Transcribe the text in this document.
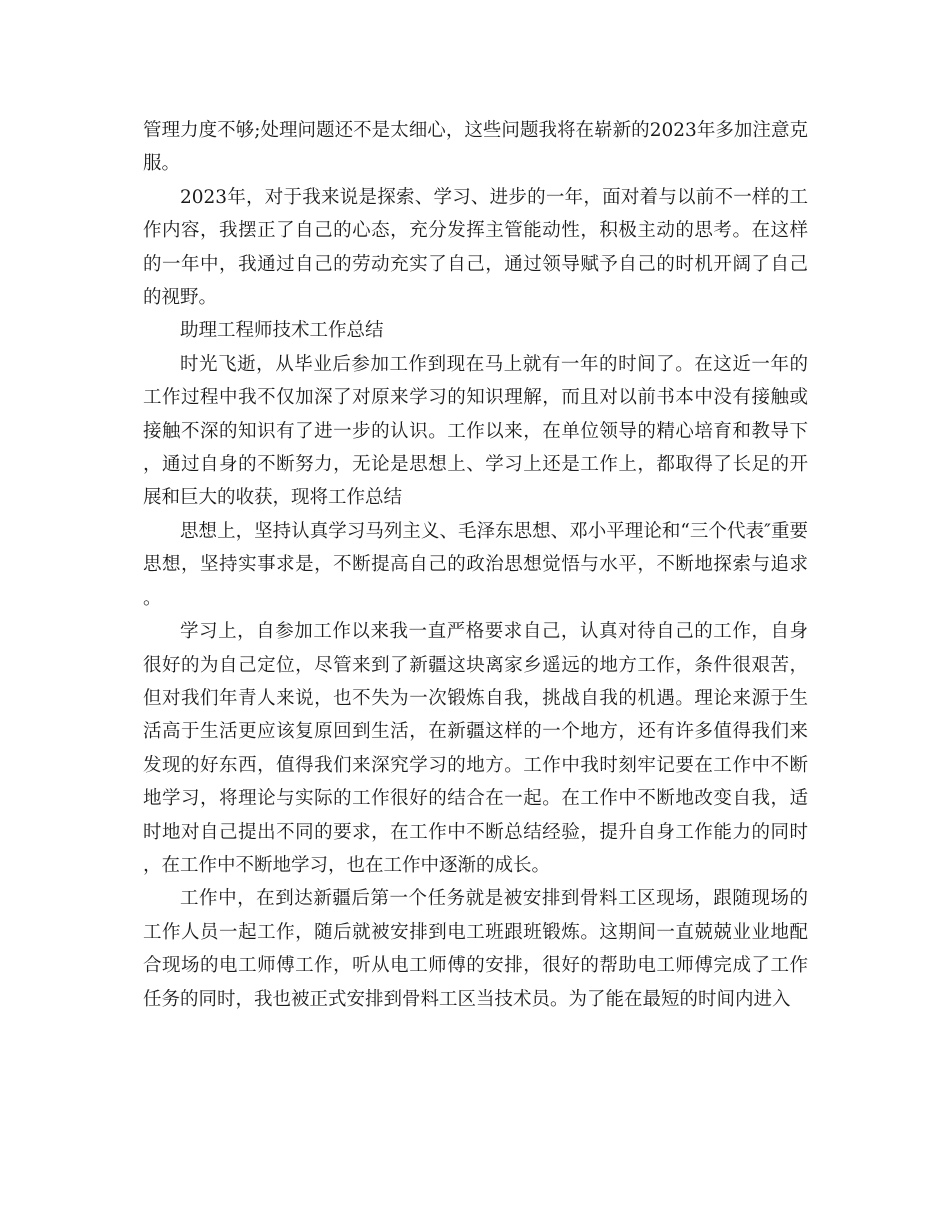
管理力度不够;处理问题还不是太细心，这些问题我将在崭新的2023年多加注意克服。

2023年，对于我来说是探索、学习、进步的一年，面对着与以前不一样的工作内容，我摆正了自己的心态，充分发挥主管能动性，积极主动的思考。在这样的一年中，我通过自己的劳动充实了自己，通过领导赋予自己的时机开阔了自己的视野。

助理工程师技术工作总结

时光飞逝，从毕业后参加工作到现在马上就有一年的时间了。在这近一年的工作过程中我不仅加深了对原来学习的知识理解，而且对以前书本中没有接触或接触不深的知识有了进一步的认识。工作以来，在单位领导的精心培育和教导下，通过自身的不断努力，无论是思想上、学习上还是工作上，都取得了长足的开展和巨大的收获，现将工作总结

思想上，坚持认真学习马列主义、毛泽东思想、邓小平理论和“三个代表″重要思想，坚持实事求是，不断提高自己的政治思想觉悟与水平，不断地探索与追求。

学习上，自参加工作以来我一直严格要求自己，认真对待自己的工作，自身很好的为自己定位，尽管来到了新疆这块离家乡遥远的地方工作，条件很艰苦，但对我们年青人来说，也不失为一次锻炼自我，挑战自我的机遇。理论来源于生活高于生活更应该复原回到生活，在新疆这样的一个地方，还有许多值得我们来发现的好东西，值得我们来深究学习的地方。工作中我时刻牢记要在工作中不断地学习，将理论与实际的工作很好的结合在一起。在工作中不断地改变自我，适时地对自己提出不同的要求，在工作中不断总结经验，提升自身工作能力的同时，在工作中不断地学习，也在工作中逐渐的成长。

工作中，在到达新疆后第一个任务就是被安排到骨料工区现场，跟随现场的工作人员一起工作，随后就被安排到电工班跟班锻炼。这期间一直兢兢业业地配合现场的电工师傅工作，听从电工师傅的安排，很好的帮助电工师傅完成了工作任务的同时，我也被正式安排到骨料工区当技术员。为了能在最短的时间内进入
